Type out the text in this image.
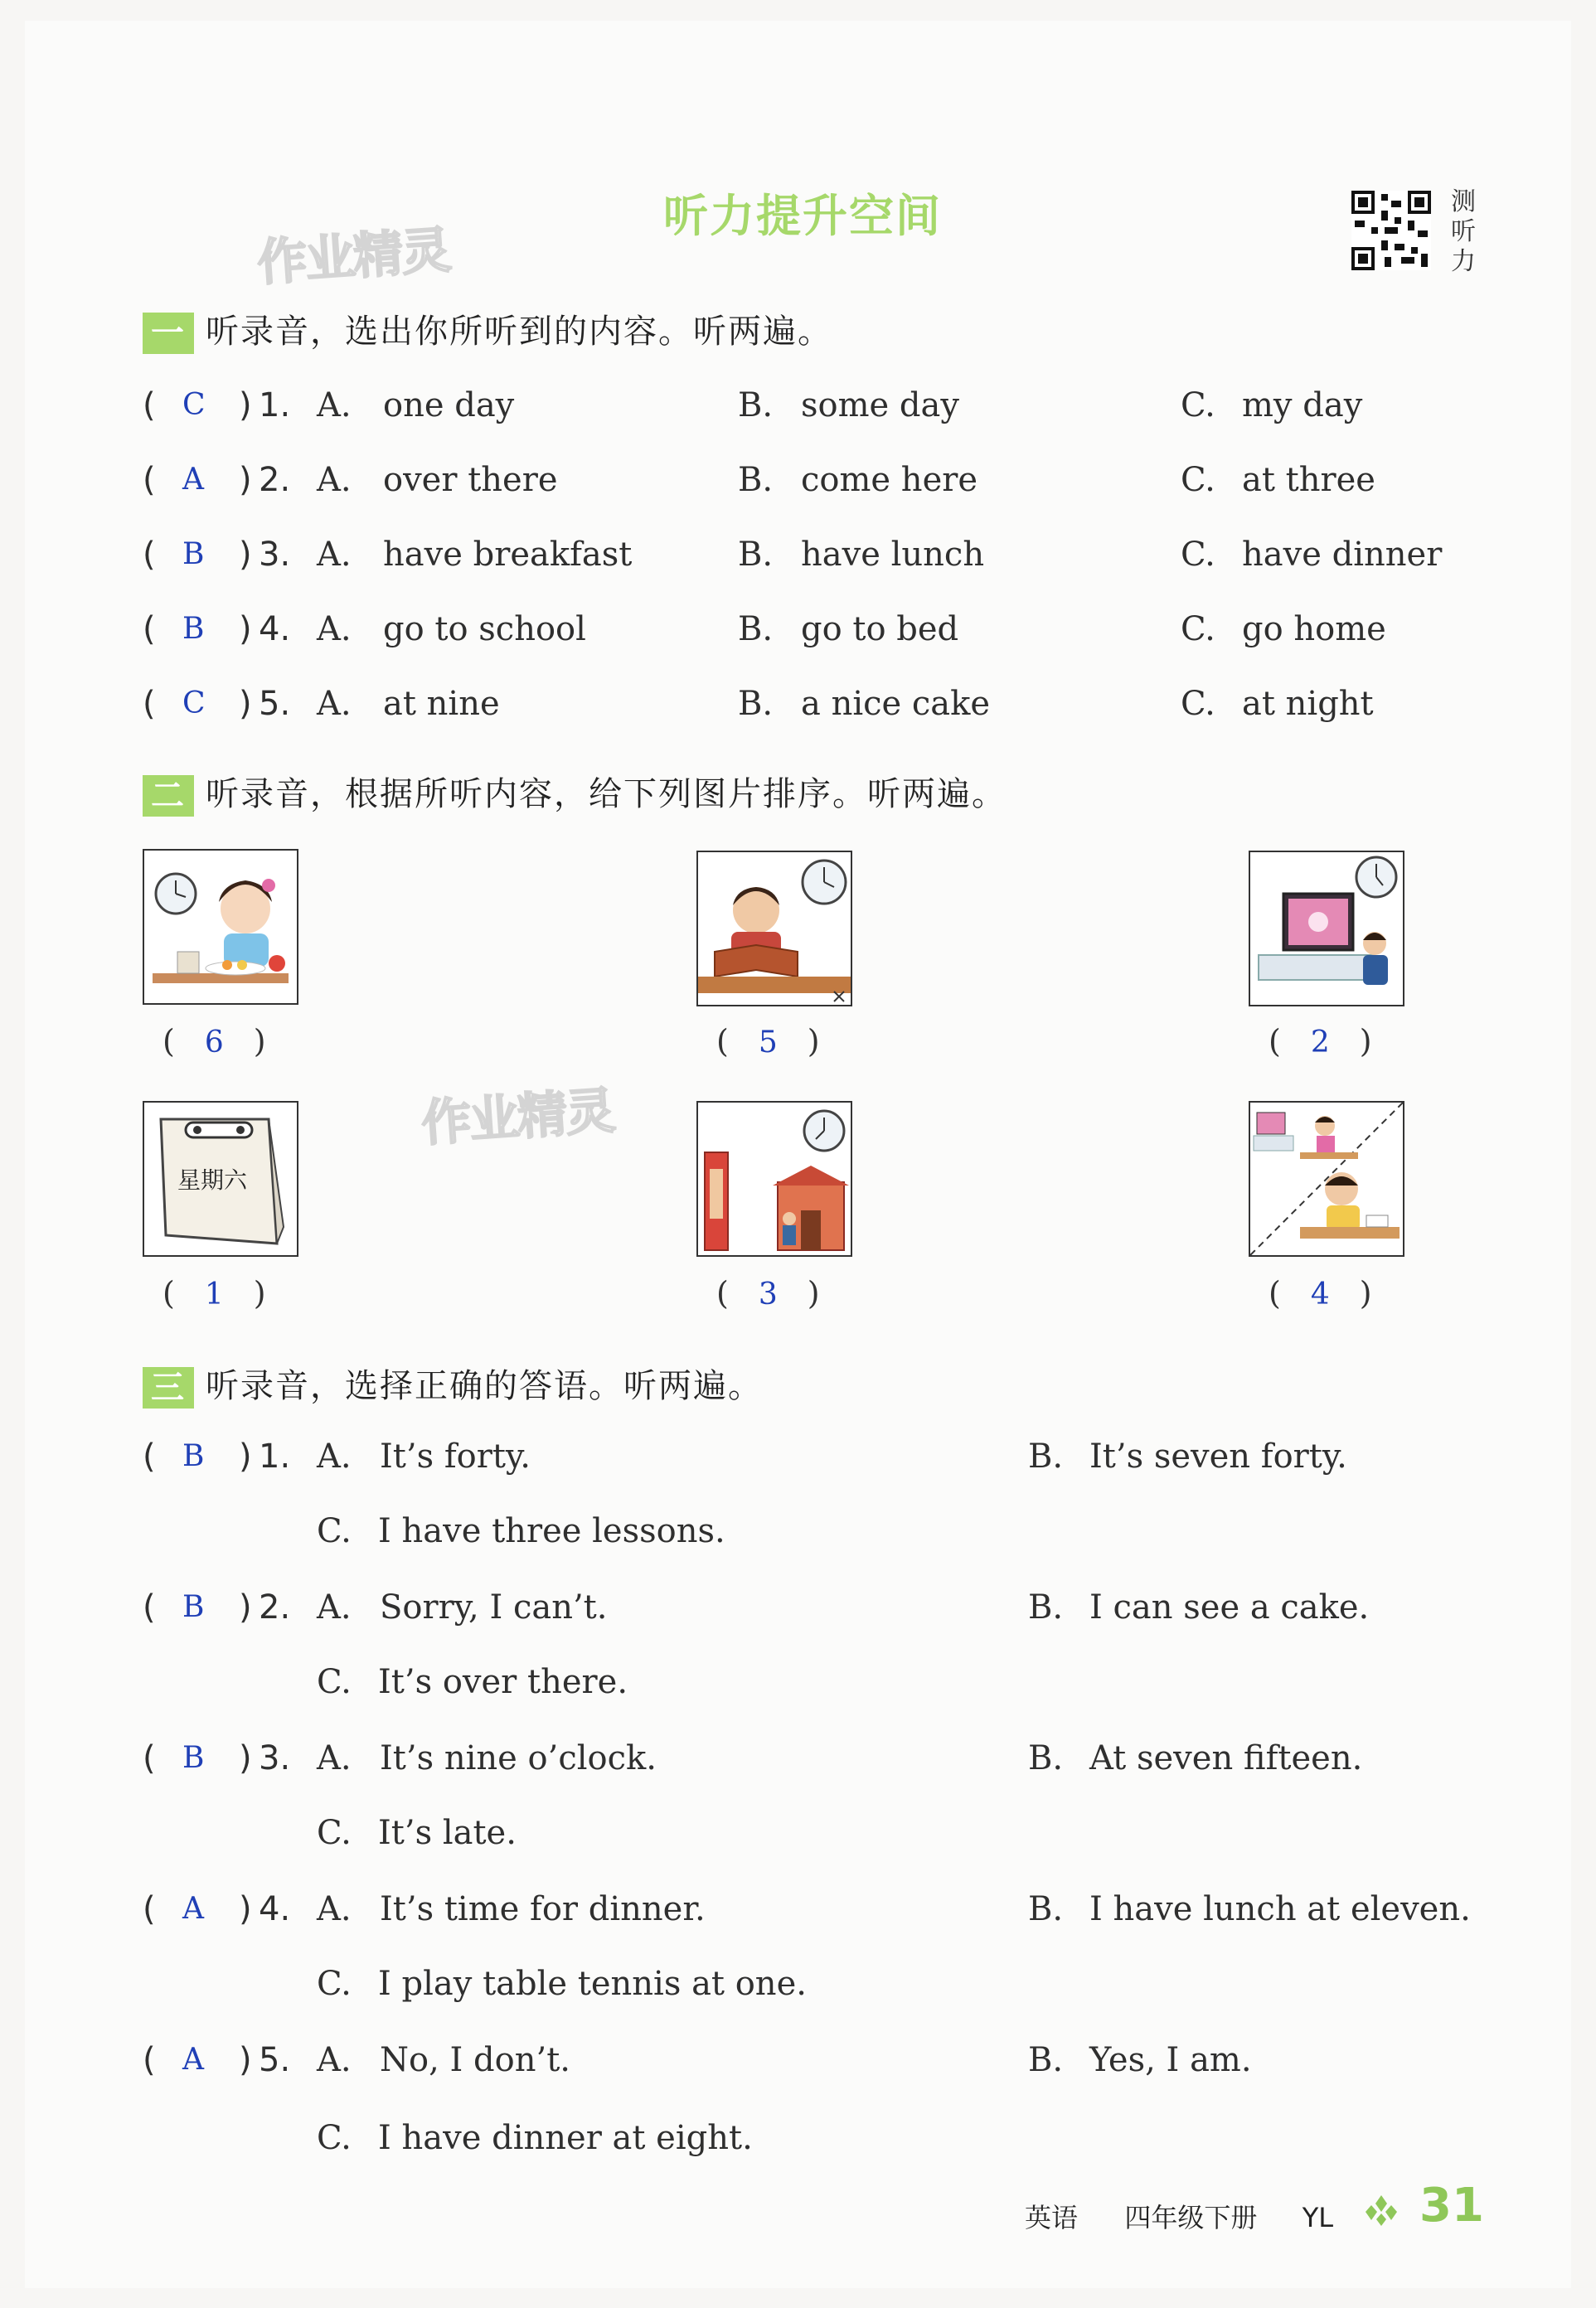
听力提升空间
作业精灵
测
听
力
一 听录音，选出你所听到的内容。听两遍。
( C ) 1. A. one day	B. some day	C. my day
( A ) 2. A. over there	B. come here	C. at three
( B ) 3. A. have breakfast	B. have lunch	C. have dinner
( B ) 4. A. go to school	B. go to bed	C. go home
( C ) 5. A. at nine	B. a nice cake	C. at night
二 听录音，根据所听内容，给下列图片排序。听两遍。
( 6 )	( 5 )	( 2 )
星期六
( 1 )
作业精灵
( 3 )	( 4 )
三 听录音，选择正确的答语。听两遍。
( B ) 1. A. It’s forty.	B. It’s seven forty.
C. I have three lessons.
( B ) 2. A. Sorry, I can’t.	B. I can see a cake.
C. It’s over there.
( B ) 3. A. It’s nine o’clock.	B. At seven fifteen.
C. It’s late.
( A ) 4. A. It’s time for dinner.	B. I have lunch at eleven.
C. I play table tennis at one.
( A ) 5. A. No, I don’t.	B. Yes, I am.
C. I have dinner at eight.
英语 四年级下册 YL 31
